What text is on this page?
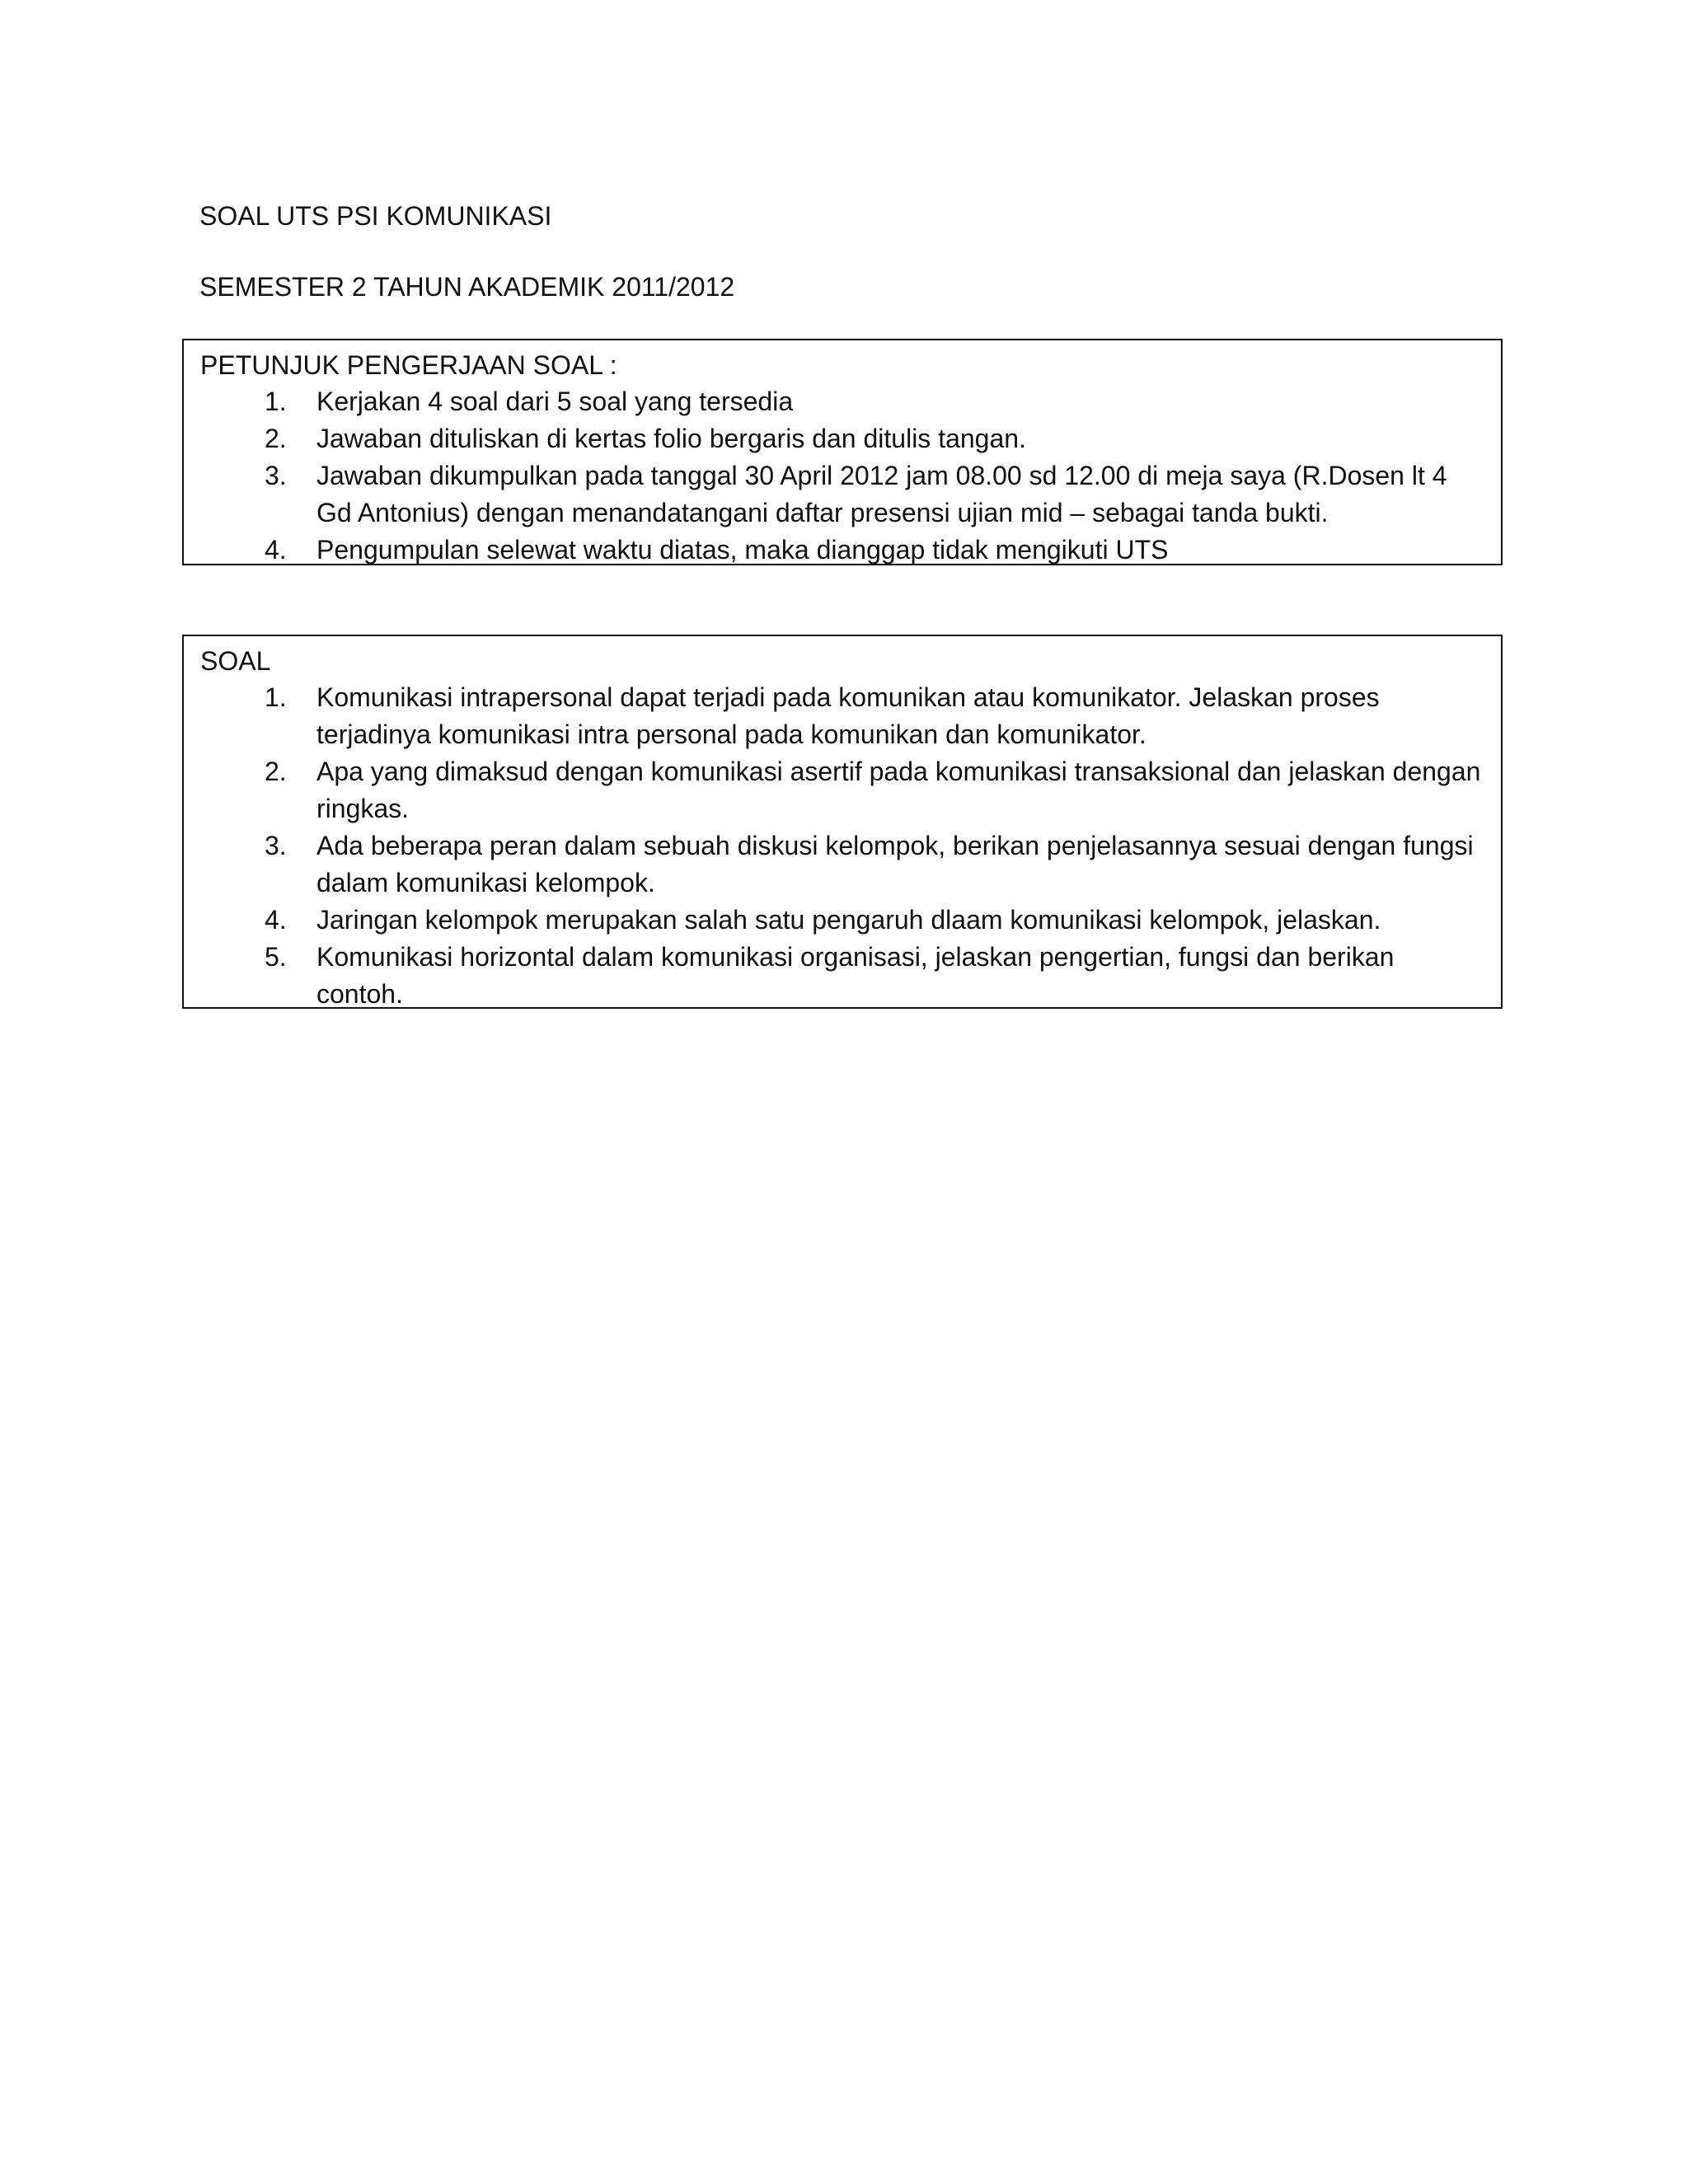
SOAL UTS PSI KOMUNIKASI
SEMESTER 2 TAHUN AKADEMIK 2011/2012
PETUNJUK PENGERJAAN SOAL :
1. Kerjakan 4 soal dari 5 soal yang tersedia
2. Jawaban dituliskan di kertas folio bergaris dan ditulis tangan.
3. Jawaban dikumpulkan pada tanggal 30 April 2012 jam 08.00 sd 12.00 di meja saya (R.Dosen lt 4 Gd Antonius) dengan menandatangani daftar presensi ujian mid – sebagai tanda bukti.
4. Pengumpulan selewat waktu diatas, maka dianggap tidak mengikuti UTS
SOAL
1. Komunikasi intrapersonal dapat terjadi pada komunikan atau komunikator. Jelaskan proses terjadinya komunikasi intra personal pada komunikan dan komunikator.
2. Apa yang dimaksud dengan komunikasi asertif pada komunikasi transaksional dan jelaskan dengan ringkas.
3. Ada beberapa peran dalam sebuah diskusi kelompok, berikan penjelasannya sesuai dengan fungsi dalam komunikasi kelompok.
4. Jaringan kelompok merupakan salah satu pengaruh dlaam komunikasi kelompok, jelaskan.
5. Komunikasi horizontal dalam komunikasi organisasi, jelaskan pengertian, fungsi dan berikan contoh.
